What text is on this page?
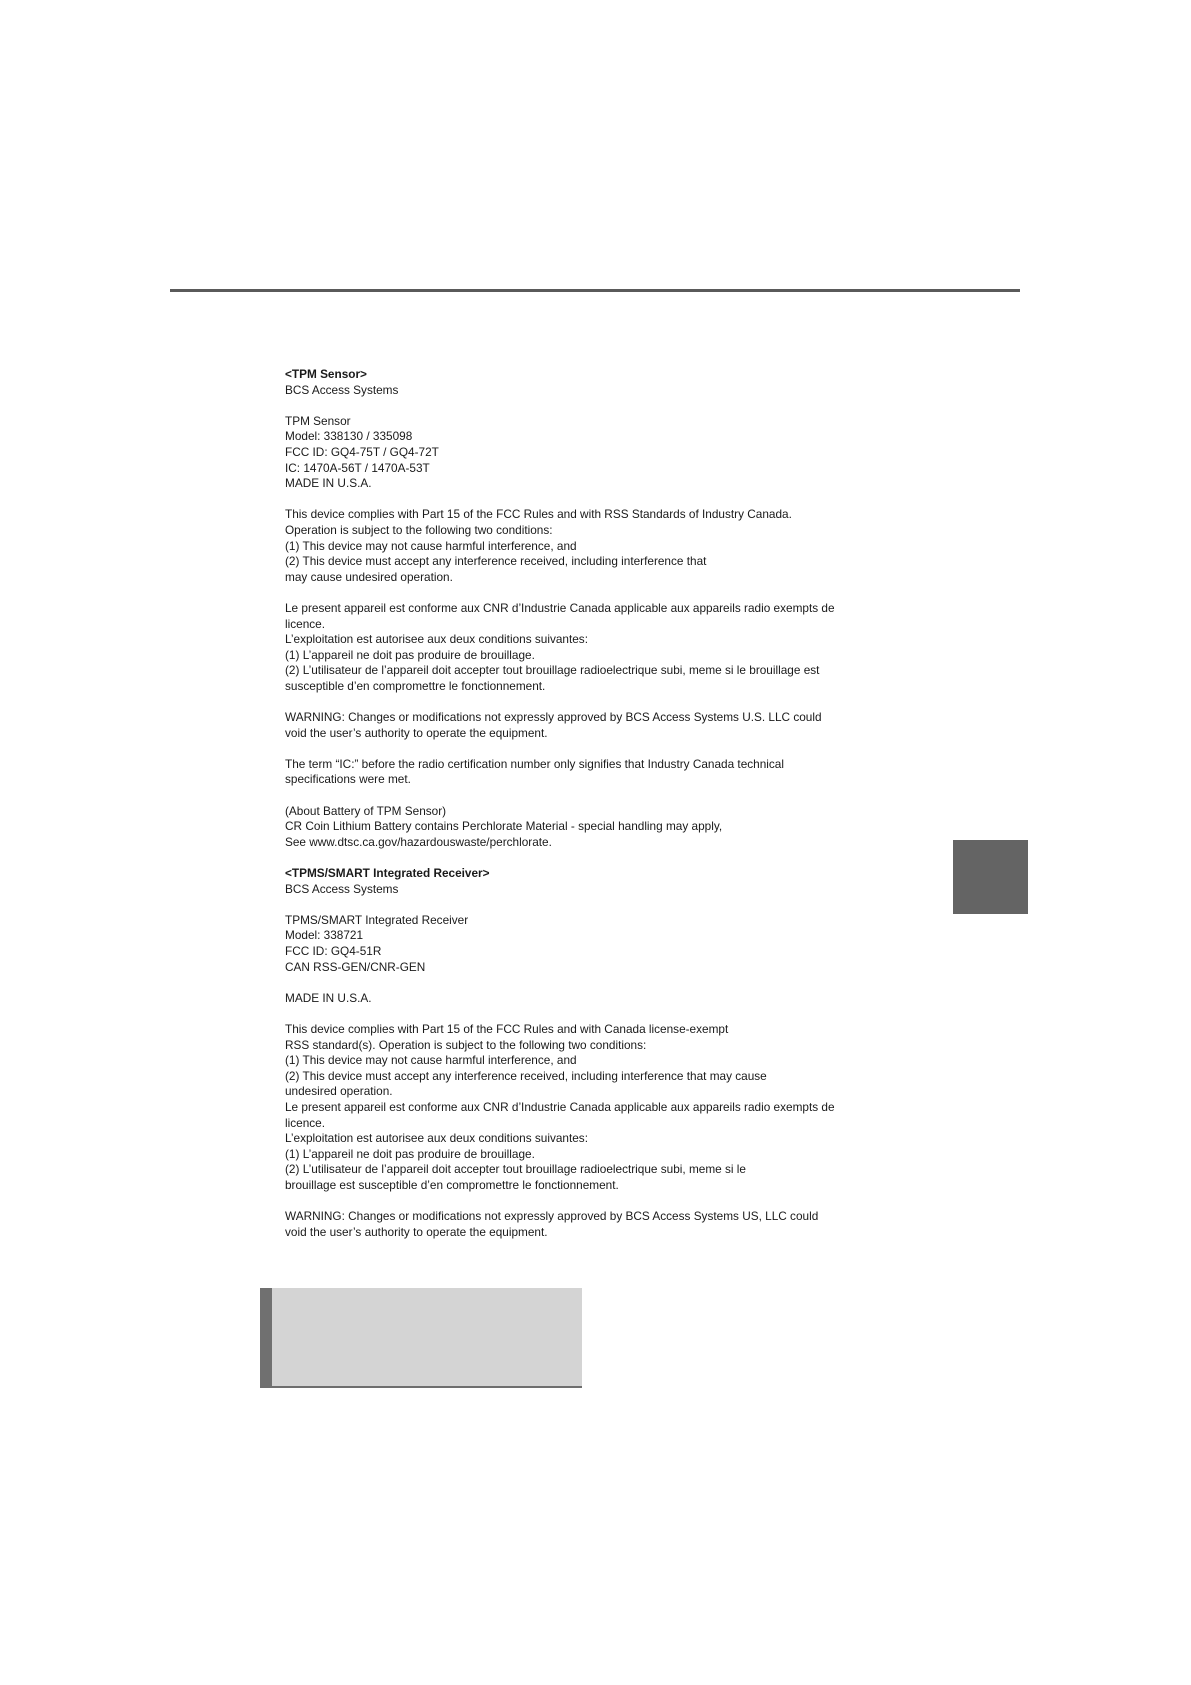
<TPM Sensor>
BCS Access Systems
TPM Sensor
Model: 338130 / 335098
FCC ID: GQ4-75T / GQ4-72T
IC: 1470A-56T / 1470A-53T
MADE IN U.S.A.
This device complies with Part 15 of the FCC Rules and with RSS Standards of Industry Canada.
Operation is subject to the following two conditions:
(1) This device may not cause harmful interference, and
(2) This device must accept any interference received, including interference that
may cause undesired operation.
Le present appareil est conforme aux CNR d’Industrie Canada applicable aux appareils radio exempts de
licence.
L’exploitation est autorisee aux deux conditions suivantes:
(1) L’appareil ne doit pas produire de brouillage.
(2) L’utilisateur de l’appareil doit accepter tout brouillage radioelectrique subi, meme si le brouillage est
susceptible d’en compromettre le fonctionnement.
WARNING: Changes or modifications not expressly approved by BCS Access Systems U.S. LLC could
void the user’s authority to operate the equipment.
The term “IC:” before the radio certification number only signifies that Industry Canada technical
specifications were met.
(About Battery of TPM Sensor)
CR Coin Lithium Battery contains Perchlorate Material - special handling may apply,
See www.dtsc.ca.gov/hazardouswaste/perchlorate.
<TPMS/SMART Integrated Receiver>
BCS Access Systems
TPMS/SMART Integrated Receiver
Model: 338721
FCC ID: GQ4-51R
CAN RSS-GEN/CNR-GEN
MADE IN U.S.A.
This device complies with Part 15 of the FCC Rules and with Canada license-exempt
RSS standard(s). Operation is subject to the following two conditions:
(1) This device may not cause harmful interference, and
(2) This device must accept any interference received, including interference that may cause
undesired operation.
Le present appareil est conforme aux CNR d’Industrie Canada applicable aux appareils radio exempts de
licence.
L’exploitation est autorisee aux deux conditions suivantes:
(1) L’appareil ne doit pas produire de brouillage.
(2) L’utilisateur de l’appareil doit accepter tout brouillage radioelectrique subi, meme si le
brouillage est susceptible d’en compromettre le fonctionnement.
WARNING: Changes or modifications not expressly approved by BCS Access Systems US, LLC could
void the user’s authority to operate the equipment.
